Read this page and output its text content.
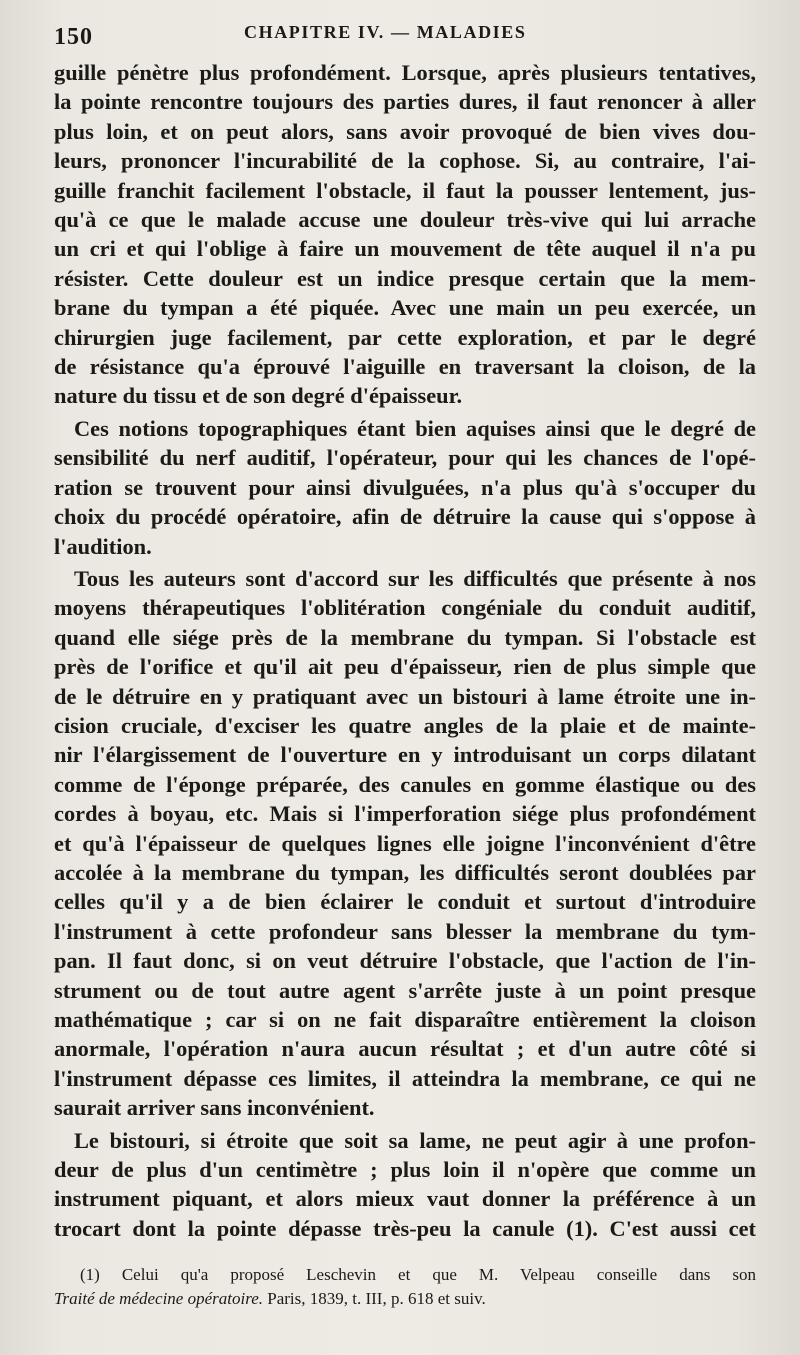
150	CHAPITRE IV. — MALADIES
guille pénètre plus profondément. Lorsque, après plusieurs tentatives,
la pointe rencontre toujours des parties dures, il faut renoncer à aller
plus loin, et on peut alors, sans avoir provoqué de bien vives dou-
leurs, prononcer l'incurabilité de la cophose. Si, au contraire, l'ai-
guille franchit facilement l'obstacle, il faut la pousser lentement, jus-
qu'à ce que le malade accuse une douleur très-vive qui lui arrache
un cri et qui l'oblige à faire un mouvement de tête auquel il n'a pu
résister. Cette douleur est un indice presque certain que la mem-
brane du tympan a été piquée. Avec une main un peu exercée, un
chirurgien juge facilement, par cette exploration, et par le degré
de résistance qu'a éprouvé l'aiguille en traversant la cloison, de la
nature du tissu et de son degré d'épaisseur.
Ces notions topographiques étant bien aquises ainsi que le degré de
sensibilité du nerf auditif, l'opérateur, pour qui les chances de l'opé-
ration se trouvent pour ainsi divulguées, n'a plus qu'à s'occuper du
choix du procédé opératoire, afin de détruire la cause qui s'oppose à
l'audition.
Tous les auteurs sont d'accord sur les difficultés que présente à nos
moyens thérapeutiques l'oblitération congéniale du conduit auditif,
quand elle siége près de la membrane du tympan. Si l'obstacle est
près de l'orifice et qu'il ait peu d'épaisseur, rien de plus simple que
de le détruire en y pratiquant avec un bistouri à lame étroite une in-
cision cruciale, d'exciser les quatre angles de la plaie et de mainte-
nir l'élargissement de l'ouverture en y introduisant un corps dilatant
comme de l'éponge préparée, des canules en gomme élastique ou des
cordes à boyau, etc. Mais si l'imperforation siége plus profondément
et qu'à l'épaisseur de quelques lignes elle joigne l'inconvénient d'être
accolée à la membrane du tympan, les difficultés seront doublées par
celles qu'il y a de bien éclairer le conduit et surtout d'introduire
l'instrument à cette profondeur sans blesser la membrane du tym-
pan. Il faut donc, si on veut détruire l'obstacle, que l'action de l'in-
strument ou de tout autre agent s'arrête juste à un point presque
mathématique ; car si on ne fait disparaître entièrement la cloison
anormale, l'opération n'aura aucun résultat ; et d'un autre côté si
l'instrument dépasse ces limites, il atteindra la membrane, ce qui ne
saurait arriver sans inconvénient.
Le bistouri, si étroite que soit sa lame, ne peut agir à une profon-
deur de plus d'un centimètre ; plus loin il n'opère que comme un
instrument piquant, et alors mieux vaut donner la préférence à un
trocart dont la pointe dépasse très-peu la canule (1). C'est aussi cet
(1) Celui qu'a proposé Leschevin et que M. Velpeau conseille dans son
Traité de médecine opératoire. Paris, 1839, t. III, p. 618 et suiv.
